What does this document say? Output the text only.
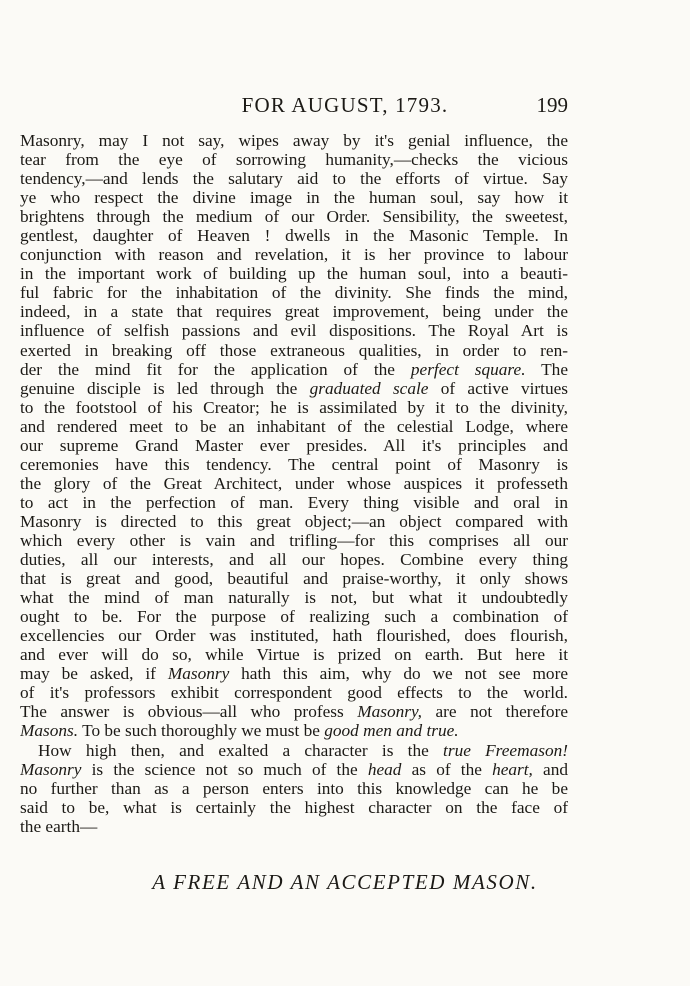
FOR AUGUST, 1793.	199
Masonry, may I not say, wipes away by it's genial influence, the
tear from the eye of sorrowing humanity,—checks the vicious
tendency,—and lends the salutary aid to the efforts of virtue. Say
ye who respect the divine image in the human soul, say how it
brightens through the medium of our Order. Sensibility, the sweetest,
gentlest, daughter of Heaven ! dwells in the Masonic Temple. In
conjunction with reason and revelation, it is her province to labour
in the important work of building up the human soul, into a beauti-
ful fabric for the inhabitation of the divinity. She finds the mind,
indeed, in a state that requires great improvement, being under the
influence of selfish passions and evil dispositions. The Royal Art is
exerted in breaking off those extraneous qualities, in order to ren-
der the mind fit for the application of the perfect square. The
genuine disciple is led through the graduated scale of active virtues
to the footstool of his Creator; he is assimilated by it to the divinity,
and rendered meet to be an inhabitant of the celestial Lodge, where
our supreme Grand Master ever presides. All it's principles and
ceremonies have this tendency. The central point of Masonry is
the glory of the Great Architect, under whose auspices it professeth
to act in the perfection of man. Every thing visible and oral in
Masonry is directed to this great object;—an object compared with
which every other is vain and trifling—for this comprises all our
duties, all our interests, and all our hopes. Combine every thing
that is great and good, beautiful and praise-worthy, it only shows
what the mind of man naturally is not, but what it undoubtedly
ought to be. For the purpose of realizing such a combination of
excellencies our Order was instituted, hath flourished, does flourish,
and ever will do so, while Virtue is prized on earth. But here it
may be asked, if Masonry hath this aim, why do we not see more
of it's professors exhibit correspondent good effects to the world.
The answer is obvious—all who profess Masonry, are not therefore
Masons. To be such thoroughly we must be good men and true.
How high then, and exalted a character is the true Freemason!
Masonry is the science not so much of the head as of the heart, and
no further than as a person enters into this knowledge can he be
said to be, what is certainly the highest character on the face of
the earth—
A FREE AND AN ACCEPTED MASON.
